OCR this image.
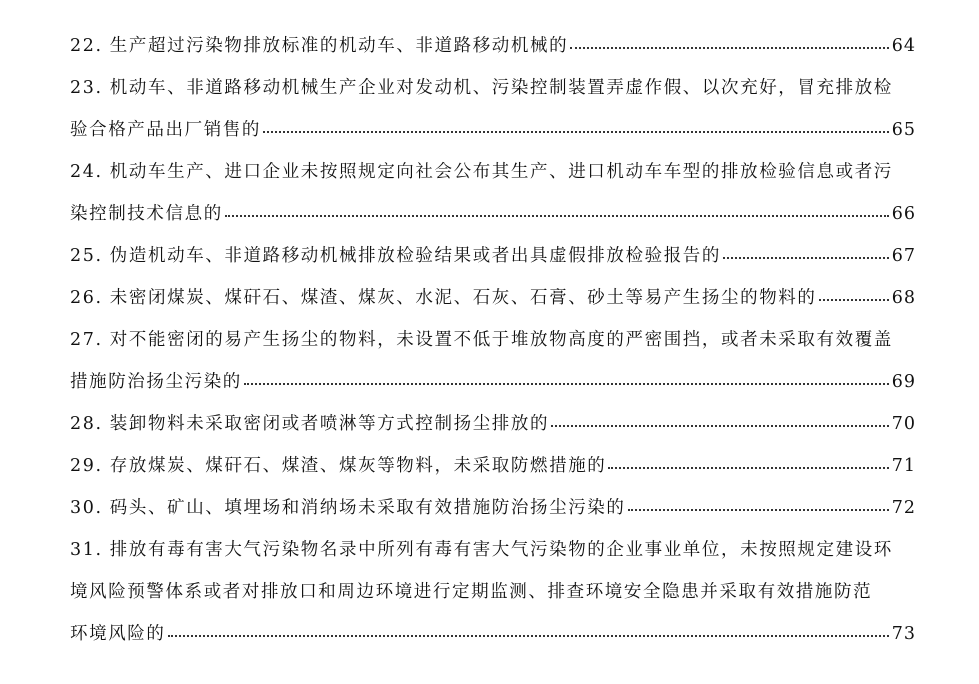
22. 生产超过污染物排放标准的机动车、非道路移动机械的	64
23. 机动车、非道路移动机械生产企业对发动机、污染控制装置弄虚作假、以次充好，冒充排放检
验合格产品出厂销售的	65
24. 机动车生产、进口企业未按照规定向社会公布其生产、进口机动车车型的排放检验信息或者污
染控制技术信息的	66
25. 伪造机动车、非道路移动机械排放检验结果或者出具虚假排放检验报告的	67
26. 未密闭煤炭、煤矸石、煤渣、煤灰、水泥、石灰、石膏、砂土等易产生扬尘的物料的	68
27. 对不能密闭的易产生扬尘的物料，未设置不低于堆放物高度的严密围挡，或者未采取有效覆盖
措施防治扬尘污染的	69
28. 装卸物料未采取密闭或者喷淋等方式控制扬尘排放的	70
29. 存放煤炭、煤矸石、煤渣、煤灰等物料，未采取防燃措施的	71
30. 码头、矿山、填埋场和消纳场未采取有效措施防治扬尘污染的	72
31. 排放有毒有害大气污染物名录中所列有毒有害大气污染物的企业事业单位，未按照规定建设环
境风险预警体系或者对排放口和周边环境进行定期监测、排查环境安全隐患并采取有效措施防范
环境风险的	73
